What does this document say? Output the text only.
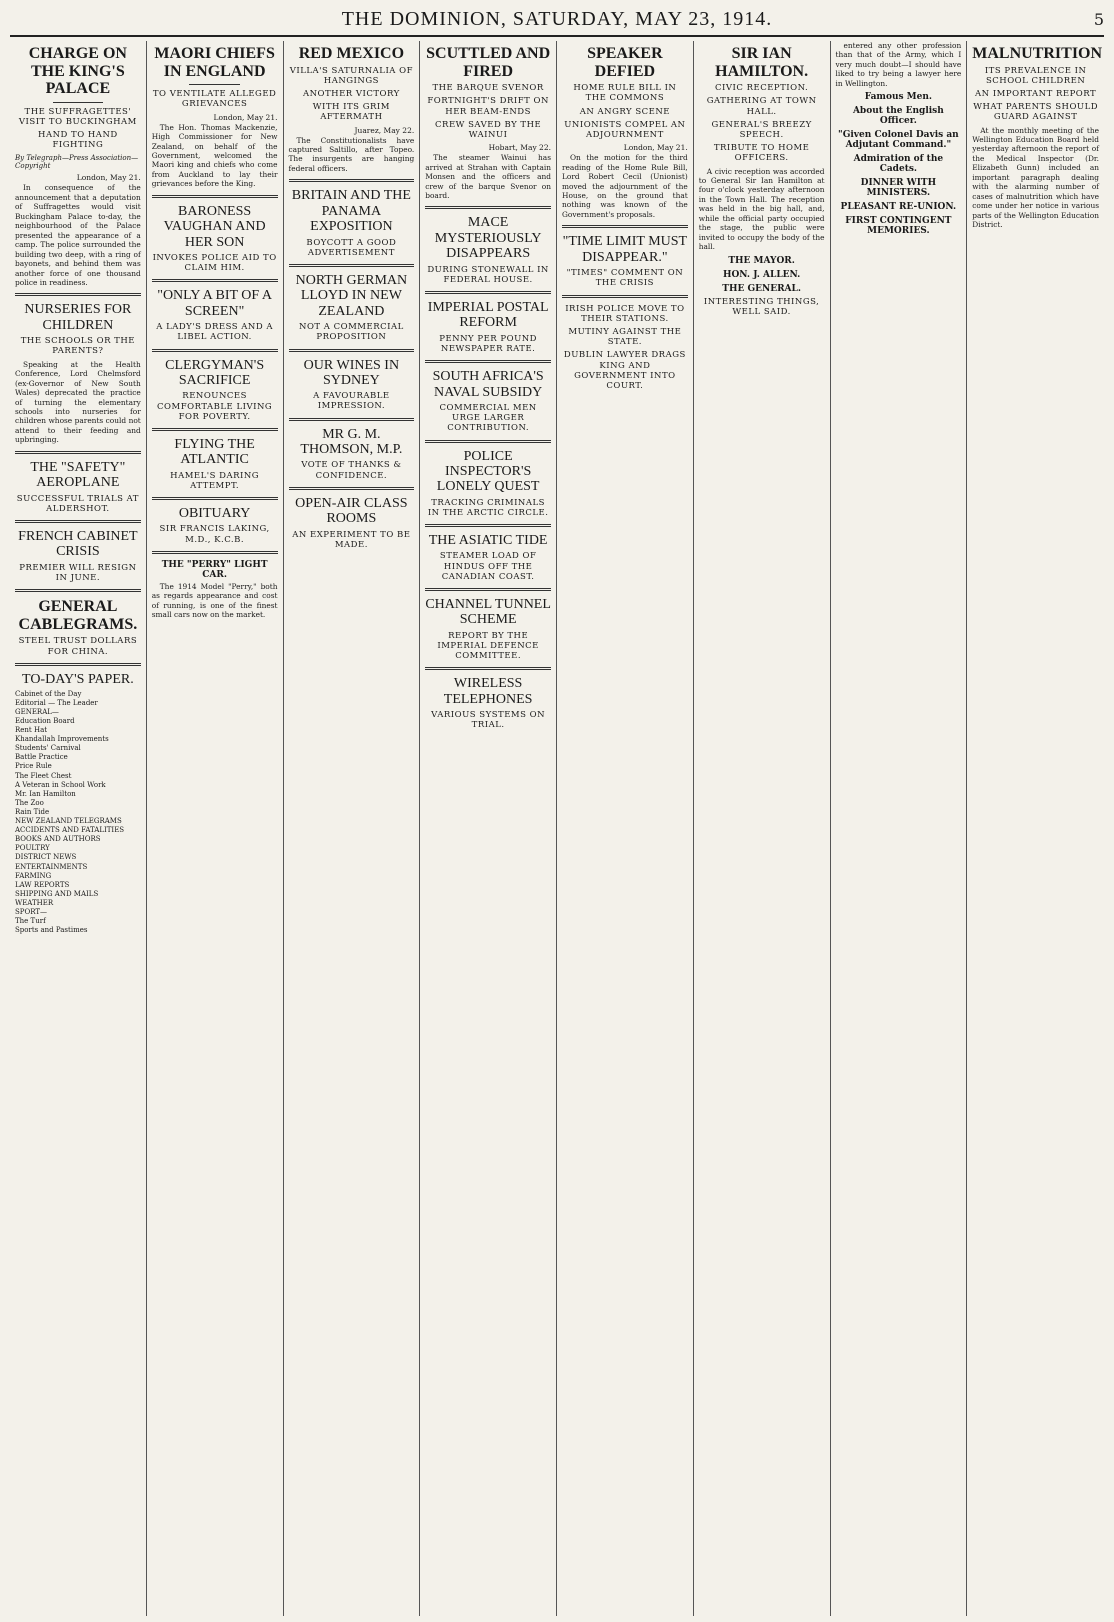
THE DOMINION, SATURDAY, MAY 23, 1914.	5
CHARGE ON THE KING'S PALACE
THE SUFFRAGETTES' VISIT TO BUCKINGHAM
HAND TO HAND FIGHTING
By Telegraph—Press Association—Copyright
London, May 21.

In consequence of the announcement that a deputation of Suffragettes would visit Buckingham Palace to-day, the neighbourhood of the Palace presented the appearance of a camp. The police surrounded the building two deep, with a ring of bayonets, and behind them was another force of one thousand police in readiness.

NURSERIES FOR CHILDREN
THE SCHOOLS OR THE PARENTS?

Speaking at the Health Conference, Lord Chelmsford (ex-Governor of New South Wales) deprecated the practice of turning the elementary schools into nurseries for children whose parents could not attend to their feeding and upbringing.

THE "SAFETY" AEROPLANE
SUCCESSFUL TRIALS AT ALDERSHOT.
FRENCH CABINET CRISIS
PREMIER WILL RESIGN IN JUNE.
GENERAL CABLEGRAMS.
STEEL TRUST DOLLARS FOR CHINA.
TO-DAY'S PAPER.
Cabinet of the Day
Editorial — The Leader
GENERAL—
Education Board
Rent Hat
Khandallah Improvements
Students' Carnival
Battle Practice
Price Rule
The Fleet Chest
A Veteran in School Work
Mr. Ian Hamilton
The Zoo
Rain Tide
NEW ZEALAND TELEGRAMS
ACCIDENTS AND FATALITIES
BOOKS AND AUTHORS
POULTRY
DISTRICT NEWS
ENTERTAINMENTS
FARMING
LAW REPORTS
SHIPPING AND MAILS
WEATHER
SPORT—
The Turf
Sports and Pastimes
MAORI CHIEFS IN ENGLAND
TO VENTILATE ALLEGED GRIEVANCES
London, May 21.

The Hon. Thomas Mackenzie, High Commissioner for New Zealand, on behalf of the Government, welcomed the Maori king and chiefs who come from Auckland to lay their grievances before the King.

BARONESS VAUGHAN AND HER SON
INVOKES POLICE AID TO CLAIM HIM.
"ONLY A BIT OF A SCREEN"
A LADY'S DRESS AND A LIBEL ACTION.
CLERGYMAN'S SACRIFICE
RENOUNCES COMFORTABLE LIVING FOR POVERTY.
FLYING THE ATLANTIC
HAMEL'S DARING ATTEMPT.
OBITUARY
SIR FRANCIS LAKING, M.D., K.C.B.
THE "PERRY" LIGHT CAR.

The 1914 Model "Perry," both as regards appearance and cost of running, is one of the finest small cars now on the market.

RED MEXICO
VILLA'S SATURNALIA OF HANGINGS
ANOTHER VICTORY
WITH ITS GRIM AFTERMATH
Juarez, May 22.

The Constitutionalists have captured Saltillo, after Topeo. The insurgents are hanging federal officers.

BRITAIN AND THE PANAMA EXPOSITION
BOYCOTT A GOOD ADVERTISEMENT
NORTH GERMAN LLOYD IN NEW ZEALAND
NOT A COMMERCIAL PROPOSITION
OUR WINES IN SYDNEY
A FAVOURABLE IMPRESSION.
MR G. M. THOMSON, M.P.
VOTE OF THANKS & CONFIDENCE.
OPEN-AIR CLASS ROOMS
AN EXPERIMENT TO BE MADE.
SCUTTLED AND FIRED
THE BARQUE SVENOR
FORTNIGHT'S DRIFT ON HER BEAM-ENDS
CREW SAVED BY THE WAINUI
Hobart, May 22.

The steamer Wainui has arrived at Strahan with Captain Monsen and the officers and crew of the barque Svenor on board.

MACE MYSTERIOUSLY DISAPPEARS
DURING STONEWALL IN FEDERAL HOUSE.
IMPERIAL POSTAL REFORM
PENNY PER POUND NEWSPAPER RATE.
SOUTH AFRICA'S NAVAL SUBSIDY
COMMERCIAL MEN URGE LARGER CONTRIBUTION.
POLICE INSPECTOR'S LONELY QUEST
TRACKING CRIMINALS IN THE ARCTIC CIRCLE.
THE ASIATIC TIDE
STEAMER LOAD OF HINDUS OFF THE CANADIAN COAST.
CHANNEL TUNNEL SCHEME
REPORT BY THE IMPERIAL DEFENCE COMMITTEE.
WIRELESS TELEPHONES
VARIOUS SYSTEMS ON TRIAL.
SPEAKER DEFIED
HOME RULE BILL IN THE COMMONS
AN ANGRY SCENE
UNIONISTS COMPEL AN ADJOURNMENT
London, May 21.

On the motion for the third reading of the Home Rule Bill, Lord Robert Cecil (Unionist) moved the adjournment of the House, on the ground that nothing was known of the Government's proposals.

"TIME LIMIT MUST DISAPPEAR."
"TIMES" COMMENT ON THE CRISIS
IRISH POLICE MOVE TO THEIR STATIONS.
MUTINY AGAINST THE STATE.
DUBLIN LAWYER DRAGS KING AND GOVERNMENT INTO COURT.
SIR IAN HAMILTON.
CIVIC RECEPTION.
GATHERING AT TOWN HALL.
GENERAL'S BREEZY SPEECH.
TRIBUTE TO HOME OFFICERS.

A civic reception was accorded to General Sir Ian Hamilton at four o'clock yesterday afternoon in the Town Hall. The reception was held in the big hall, and, while the official party occupied the stage, the public were invited to occupy the body of the hall.

THE MAYOR.
HON. J. ALLEN.
THE GENERAL.
INTERESTING THINGS, WELL SAID.

entered any other profession than that of the Army, which I very much doubt—I should have liked to try being a lawyer here in Wellington.

Famous Men.
About the English Officer.
"Given Colonel Davis an Adjutant Command."
Admiration of the Cadets.
DINNER WITH MINISTERS.
PLEASANT RE-UNION.
FIRST CONTINGENT MEMORIES.
MALNUTRITION
ITS PREVALENCE IN SCHOOL CHILDREN
AN IMPORTANT REPORT
WHAT PARENTS SHOULD GUARD AGAINST

At the monthly meeting of the Wellington Education Board held yesterday afternoon the report of the Medical Inspector (Dr. Elizabeth Gunn) included an important paragraph dealing with the alarming number of cases of malnutrition which have come under her notice in various parts of the Wellington Education District.
